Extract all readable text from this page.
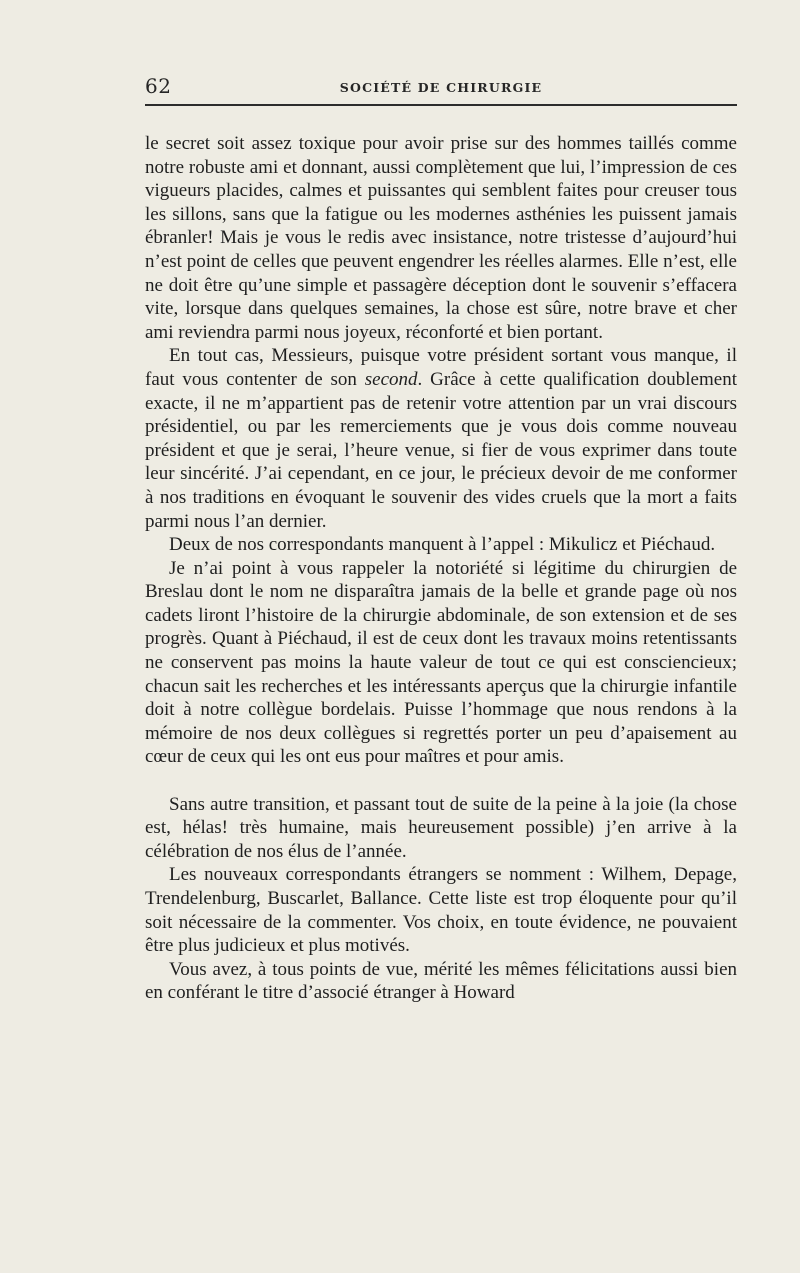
62	SOCIÉTÉ DE CHIRURGIE

le secret soit assez toxique pour avoir prise sur des hommes taillés comme notre robuste ami et donnant, aussi complètement que lui, l’impression de ces vigueurs placides, calmes et puissantes qui semblent faites pour creuser tous les sillons, sans que la fatigue ou les modernes asthénies les puissent jamais ébranler! Mais je vous le redis avec insistance, notre tristesse d’aujourd’hui n’est point de celles que peuvent engendrer les réelles alarmes. Elle n’est, elle ne doit être qu’une simple et passagère déception dont le souvenir s’effacera vite, lorsque dans quelques semaines, la chose est sûre, notre brave et cher ami reviendra parmi nous joyeux, réconforté et bien portant.

En tout cas, Messieurs, puisque votre président sortant vous manque, il faut vous contenter de son second. Grâce à cette qualification doublement exacte, il ne m’appartient pas de retenir votre attention par un vrai discours présidentiel, ou par les remerciements que je vous dois comme nouveau président et que je serai, l’heure venue, si fier de vous exprimer dans toute leur sincérité. J’ai cependant, en ce jour, le précieux devoir de me conformer à nos traditions en évoquant le souvenir des vides cruels que la mort a faits parmi nous l’an dernier.

Deux de nos correspondants manquent à l’appel : Mikulicz et Piéchaud.

Je n’ai point à vous rappeler la notoriété si légitime du chirurgien de Breslau dont le nom ne disparaîtra jamais de la belle et grande page où nos cadets liront l’histoire de la chirurgie abdominale, de son extension et de ses progrès. Quant à Piéchaud, il est de ceux dont les travaux moins retentissants ne conservent pas moins la haute valeur de tout ce qui est consciencieux; chacun sait les recherches et les intéressants aperçus que la chirurgie infantile doit à notre collègue bordelais. Puisse l’hommage que nous rendons à la mémoire de nos deux collègues si regrettés porter un peu d’apaisement au cœur de ceux qui les ont eus pour maîtres et pour amis.

Sans autre transition, et passant tout de suite de la peine à la joie (la chose est, hélas! très humaine, mais heureusement possible) j’en arrive à la célébration de nos élus de l’année.

Les nouveaux correspondants étrangers se nomment : Wilhem, Depage, Trendelenburg, Buscarlet, Ballance. Cette liste est trop éloquente pour qu’il soit nécessaire de la commenter. Vos choix, en toute évidence, ne pouvaient être plus judicieux et plus motivés.

Vous avez, à tous points de vue, mérité les mêmes félicitations aussi bien en conférant le titre d’associé étranger à Howard
